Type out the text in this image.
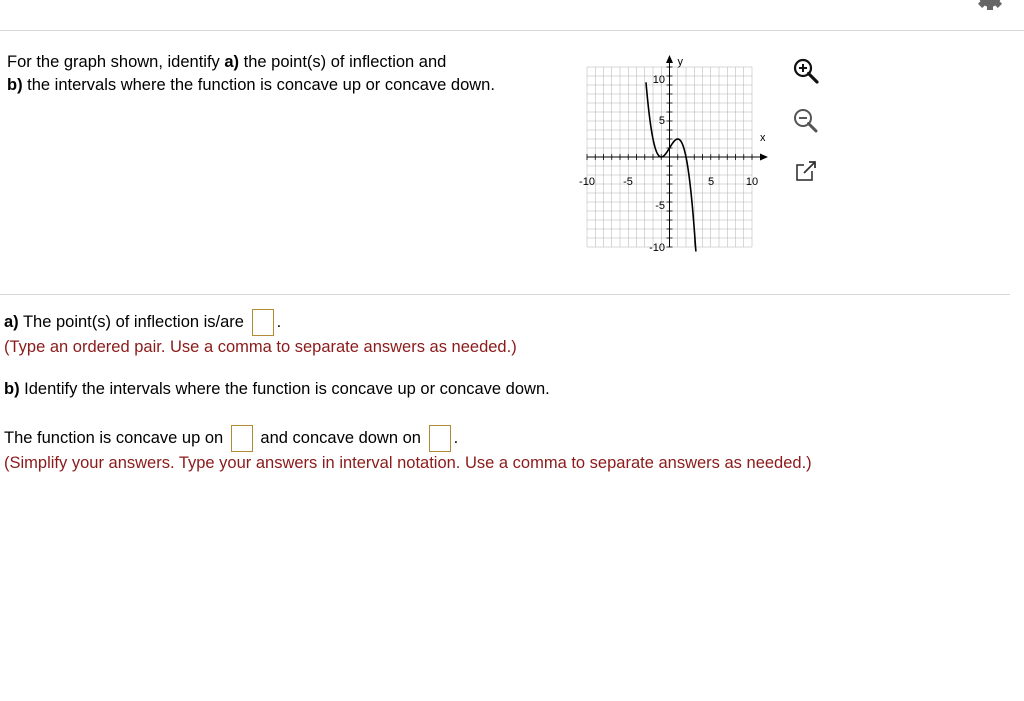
For the graph shown, identify a) the point(s) of inflection and
b) the intervals where the function is concave up or concave down.
x
y
-10	-5	5	10
10
5
-5
-10
a) The point(s) of inflection is/are .
(Type an ordered pair. Use a comma to separate answers as needed.)
b) Identify the intervals where the function is concave up or concave down.
The function is concave up on and concave down on .
(Simplify your answers. Type your answers in interval notation. Use a comma to separate answers as needed.)
